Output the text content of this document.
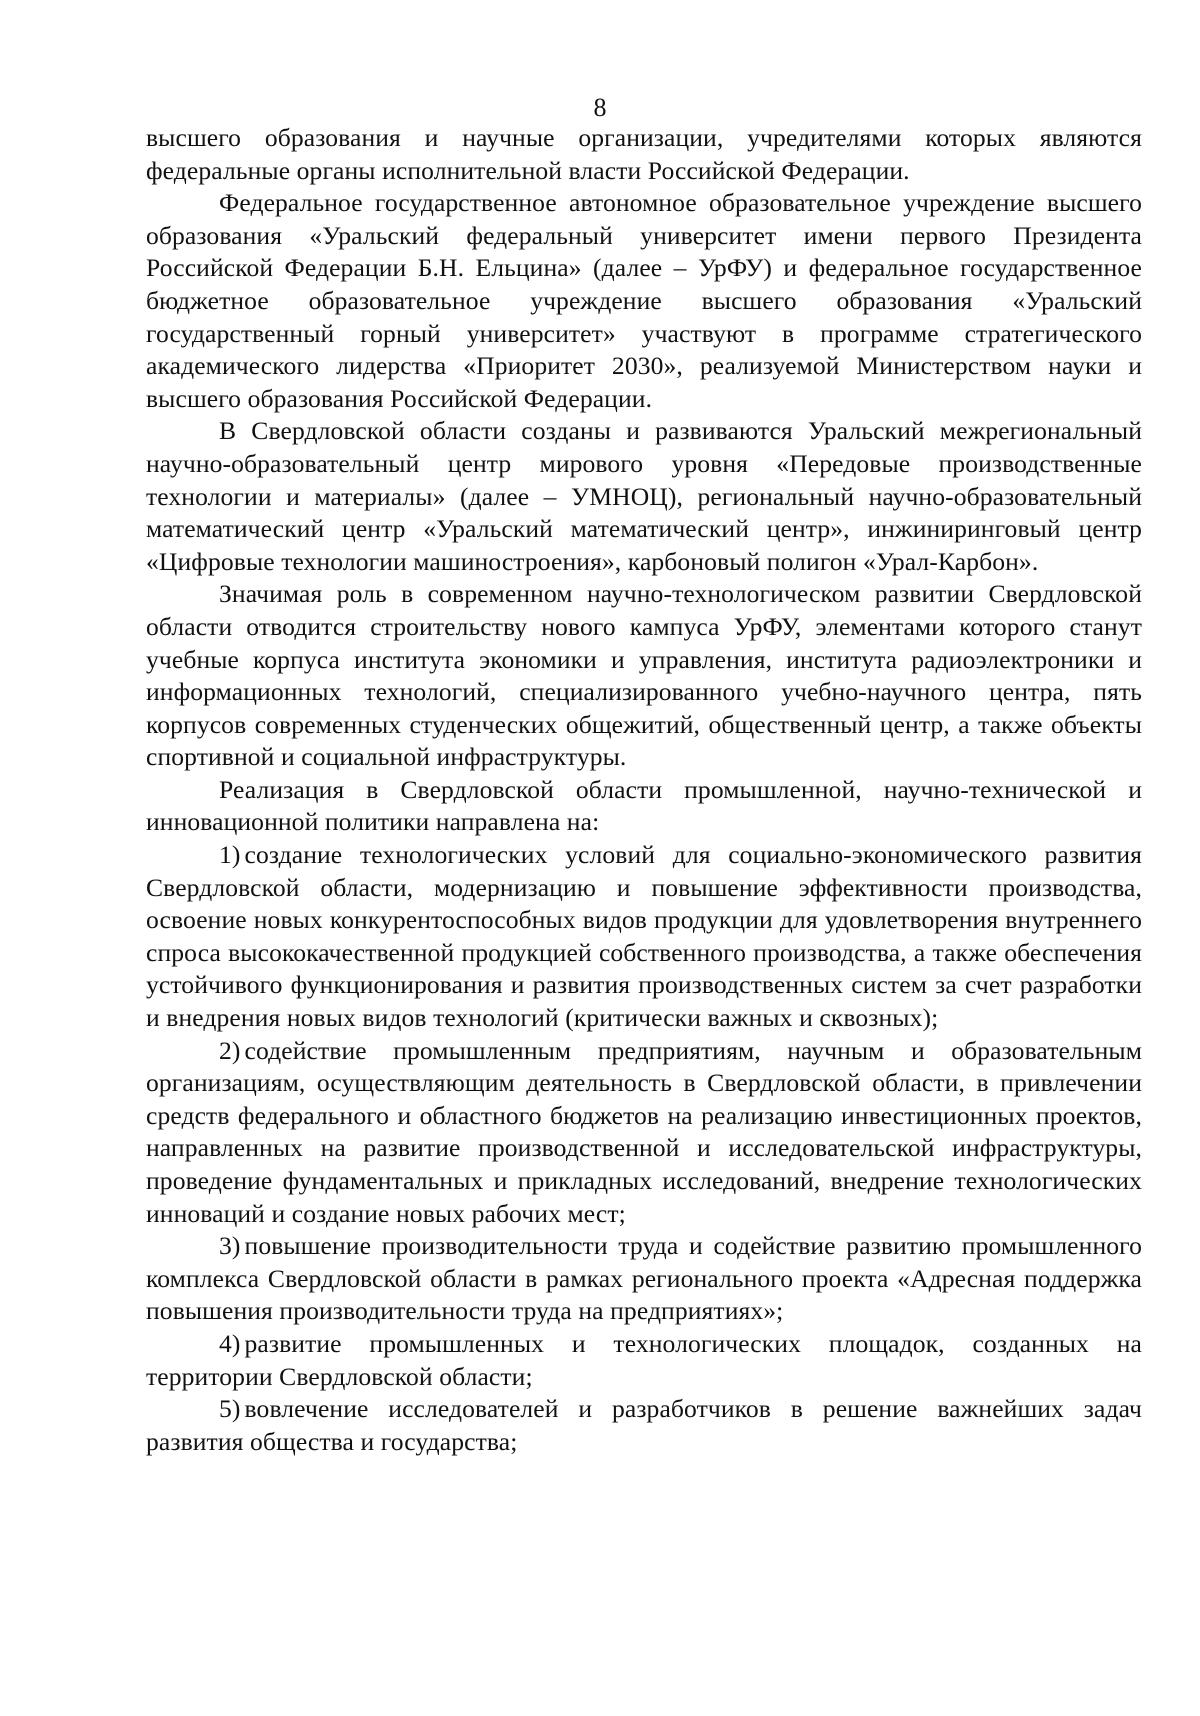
8

высшего образования и научные организации, учредителями которых являются федеральные органы исполнительной власти Российской Федерации.

Федеральное государственное автономное образовательное учреждение высшего образования «Уральский федеральный университет имени первого Президента Российской Федерации Б.Н. Ельцина» (далее – УрФУ) и федеральное государственное бюджетное образовательное учреждение высшего образования «Уральский государственный горный университет» участвуют в программе стратегического академического лидерства «Приоритет 2030», реализуемой Министерством науки и высшего образования Российской Федерации.

В Свердловской области созданы и развиваются Уральский межрегиональный научно-образовательный центр мирового уровня «Передовые производственные технологии и материалы» (далее – УМНОЦ), региональный научно-образовательный математический центр «Уральский математический центр», инжиниринговый центр «Цифровые технологии машиностроения», карбоновый полигон «Урал-Карбон».

Значимая роль в современном научно-технологическом развитии Свердловской области отводится строительству нового кампуса УрФУ, элементами которого станут учебные корпуса института экономики и управления, института радиоэлектроники и информационных технологий, специализированного учебно-научного центра, пять корпусов современных студенческих общежитий, общественный центр, а также объекты спортивной и социальной инфраструктуры.

Реализация в Свердловской области промышленной, научно-технической и инновационной политики направлена на:

1) создание технологических условий для социально-экономического развития Свердловской области, модернизацию и повышение эффективности производства, освоение новых конкурентоспособных видов продукции для удовлетворения внутреннего спроса высококачественной продукцией собственного производства, а также обеспечения устойчивого функционирования и развития производственных систем за счет разработки и внедрения новых видов технологий (критически важных и сквозных);

2) содействие промышленным предприятиям, научным и образовательным организациям, осуществляющим деятельность в Свердловской области, в привлечении средств федерального и областного бюджетов на реализацию инвестиционных проектов, направленных на развитие производственной и исследовательской инфраструктуры, проведение фундаментальных и прикладных исследований, внедрение технологических инноваций и создание новых рабочих мест;

3) повышение производительности труда и содействие развитию промышленного комплекса Свердловской области в рамках регионального проекта «Адресная поддержка повышения производительности труда на предприятиях»;

4) развитие промышленных и технологических площадок, созданных на территории Свердловской области;

5) вовлечение исследователей и разработчиков в решение важнейших задач развития общества и государства;
